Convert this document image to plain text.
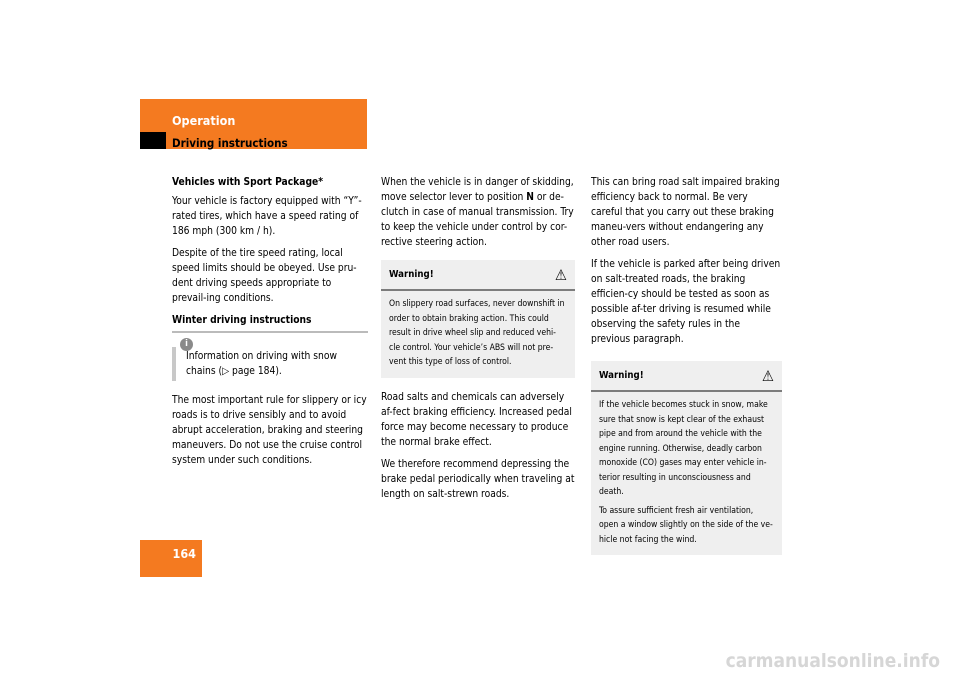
Operation
Driving instructions
164

Vehicles with Sport Package*

Your vehicle is factory equipped with “Y”-rated tires, which have a speed rating of 186 mph (300 km / h).

Despite of the tire speed rating, local speed limits should be obeyed. Use pru-dent driving speeds appropriate to prevail-ing conditions.

Winter driving instructions

i
Information on driving with snow chains (▷ page 184).

The most important rule for slippery or icy roads is to drive sensibly and to avoid abrupt acceleration, braking and steering maneuvers. Do not use the cruise control system under such conditions.

When the vehicle is in danger of skidding, move selector lever to position N or de-clutch in case of manual transmission. Try to keep the vehicle under control by cor-rective steering action.

Warning!	⚠

On slippery road surfaces, never downshift in order to obtain braking action. This could result in drive wheel slip and reduced vehi-cle control. Your vehicle’s ABS will not pre-vent this type of loss of control.

Road salts and chemicals can adversely af-fect braking efficiency. Increased pedal force may become necessary to produce the normal brake effect.

We therefore recommend depressing the brake pedal periodically when traveling at length on salt-strewn roads.

This can bring road salt impaired braking efficiency back to normal. Be very careful that you carry out these braking maneu-vers without endangering any other road users.

If the vehicle is parked after being driven on salt-treated roads, the braking efficien-cy should be tested as soon as possible af-ter driving is resumed while observing the safety rules in the previous paragraph.

Warning!	⚠

If the vehicle becomes stuck in snow, make sure that snow is kept clear of the exhaust pipe and from around the vehicle with the engine running. Otherwise, deadly carbon monoxide (CO) gases may enter vehicle in-terior resulting in unconsciousness and death.

To assure sufficient fresh air ventilation, open a window slightly on the side of the ve-hicle not facing the wind.

carmanualsonline.info
